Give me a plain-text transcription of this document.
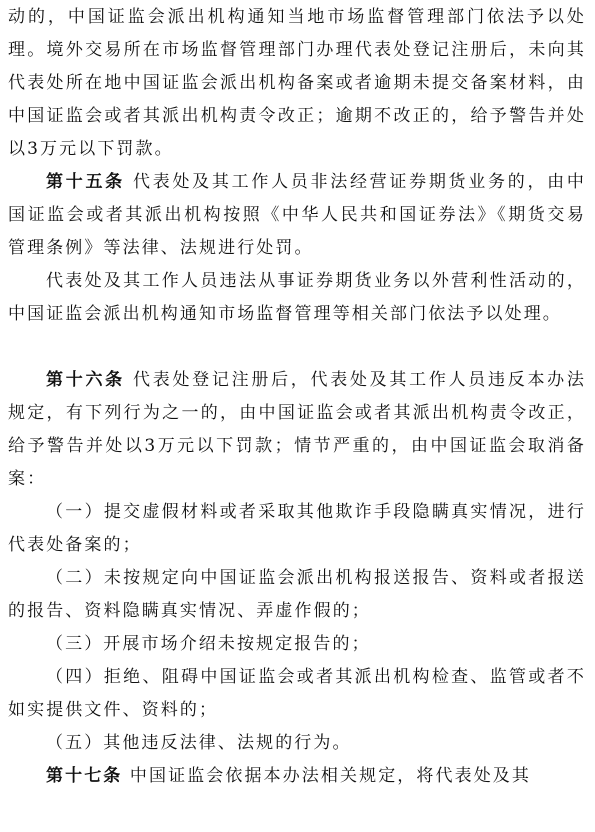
动的，中国证监会派出机构通知当地市场监督管理部门依法予以处理。境外交易所在市场监督管理部门办理代表处登记注册后，未向其代表处所在地中国证监会派出机构备案或者逾期未提交备案材料，由中国证监会或者其派出机构责令改正；逾期不改正的，给予警告并处以3万元以下罚款。

第十五条 代表处及其工作人员非法经营证券期货业务的，由中国证监会或者其派出机构按照《中华人民共和国证券法》《期货交易管理条例》等法律、法规进行处罚。

代表处及其工作人员违法从事证券期货业务以外营利性活动的，中国证监会派出机构通知市场监督管理等相关部门依法予以处理。

第十六条 代表处登记注册后，代表处及其工作人员违反本办法规定，有下列行为之一的，由中国证监会或者其派出机构责令改正，给予警告并处以3万元以下罚款；情节严重的，由中国证监会取消备案：

（一）提交虚假材料或者采取其他欺诈手段隐瞒真实情况，进行代表处备案的；

（二）未按规定向中国证监会派出机构报送报告、资料或者报送的报告、资料隐瞒真实情况、弄虚作假的；

（三）开展市场介绍未按规定报告的；

（四）拒绝、阻碍中国证监会或者其派出机构检查、监管或者不如实提供文件、资料的；

（五）其他违反法律、法规的行为。

第十七条 中国证监会依据本办法相关规定，将代表处及其
